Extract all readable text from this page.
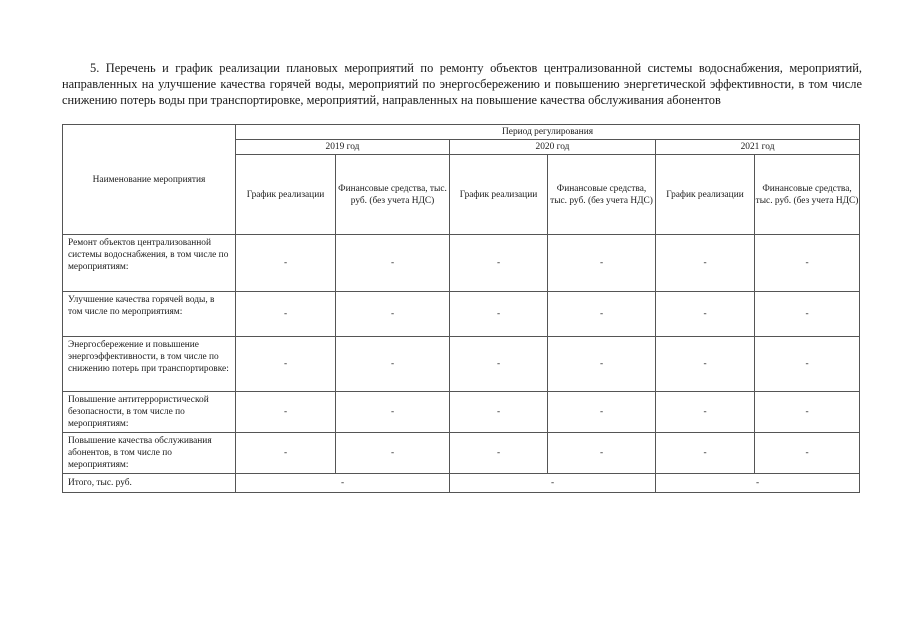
5. Перечень и график реализации плановых мероприятий по ремонту объектов централизованной системы водоснабжения, мероприятий, направленных на улучшение качества горячей воды, мероприятий по энергосбережению и повышению энергетической эффективности, в том числе снижению потерь воды при транспортировке, мероприятий, направленных на повышение качества обслуживания абонентов
Наименование мероприятия	Период регулирования					
	2019 год		2020 год		2021 год	
	График реализации	Финансовые средства, тыс. руб. (без учета НДС)	График реализации	Финансовые средства, тыс. руб. (без учета НДС)	График реализации	Финансовые средства, тыс. руб. (без учета НДС)
Ремонт объектов централизованной системы водоснабжения, в том числе по мероприятиям:	-	-	-	-	-	-
Улучшение качества горячей воды, в том числе по мероприятиям:	-	-	-	-	-	-
Энергосбережение и повышение энергоэффективности, в том числе по снижению потерь при транспортировке:	-	-	-	-	-	-
Повышение антитеррористической безопасности, в том числе по мероприятиям:	-	-	-	-	-	-
Повышение качества обслуживания абонентов, в том числе по мероприятиям:	-	-	-	-	-	-
Итого, тыс. руб.	-		-		-	
